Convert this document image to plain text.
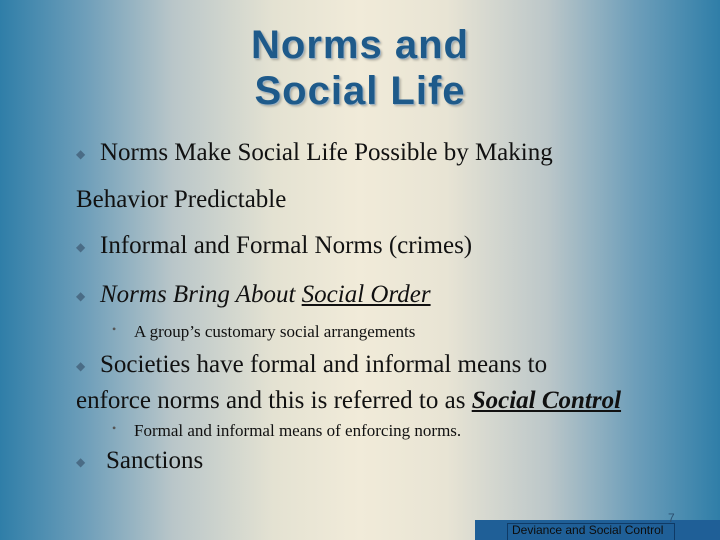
Norms and
Social Life
◆ Norms Make Social Life Possible by Making
Behavior Predictable
◆ Informal and Formal Norms (crimes)
◆ Norms Bring About Social Order
• A group’s customary social arrangements
◆ Societies have formal and informal means to
enforce norms and this is referred to as Social Control
• Formal and informal means of enforcing norms.
◆ Sanctions
Deviance and Social Control
7
